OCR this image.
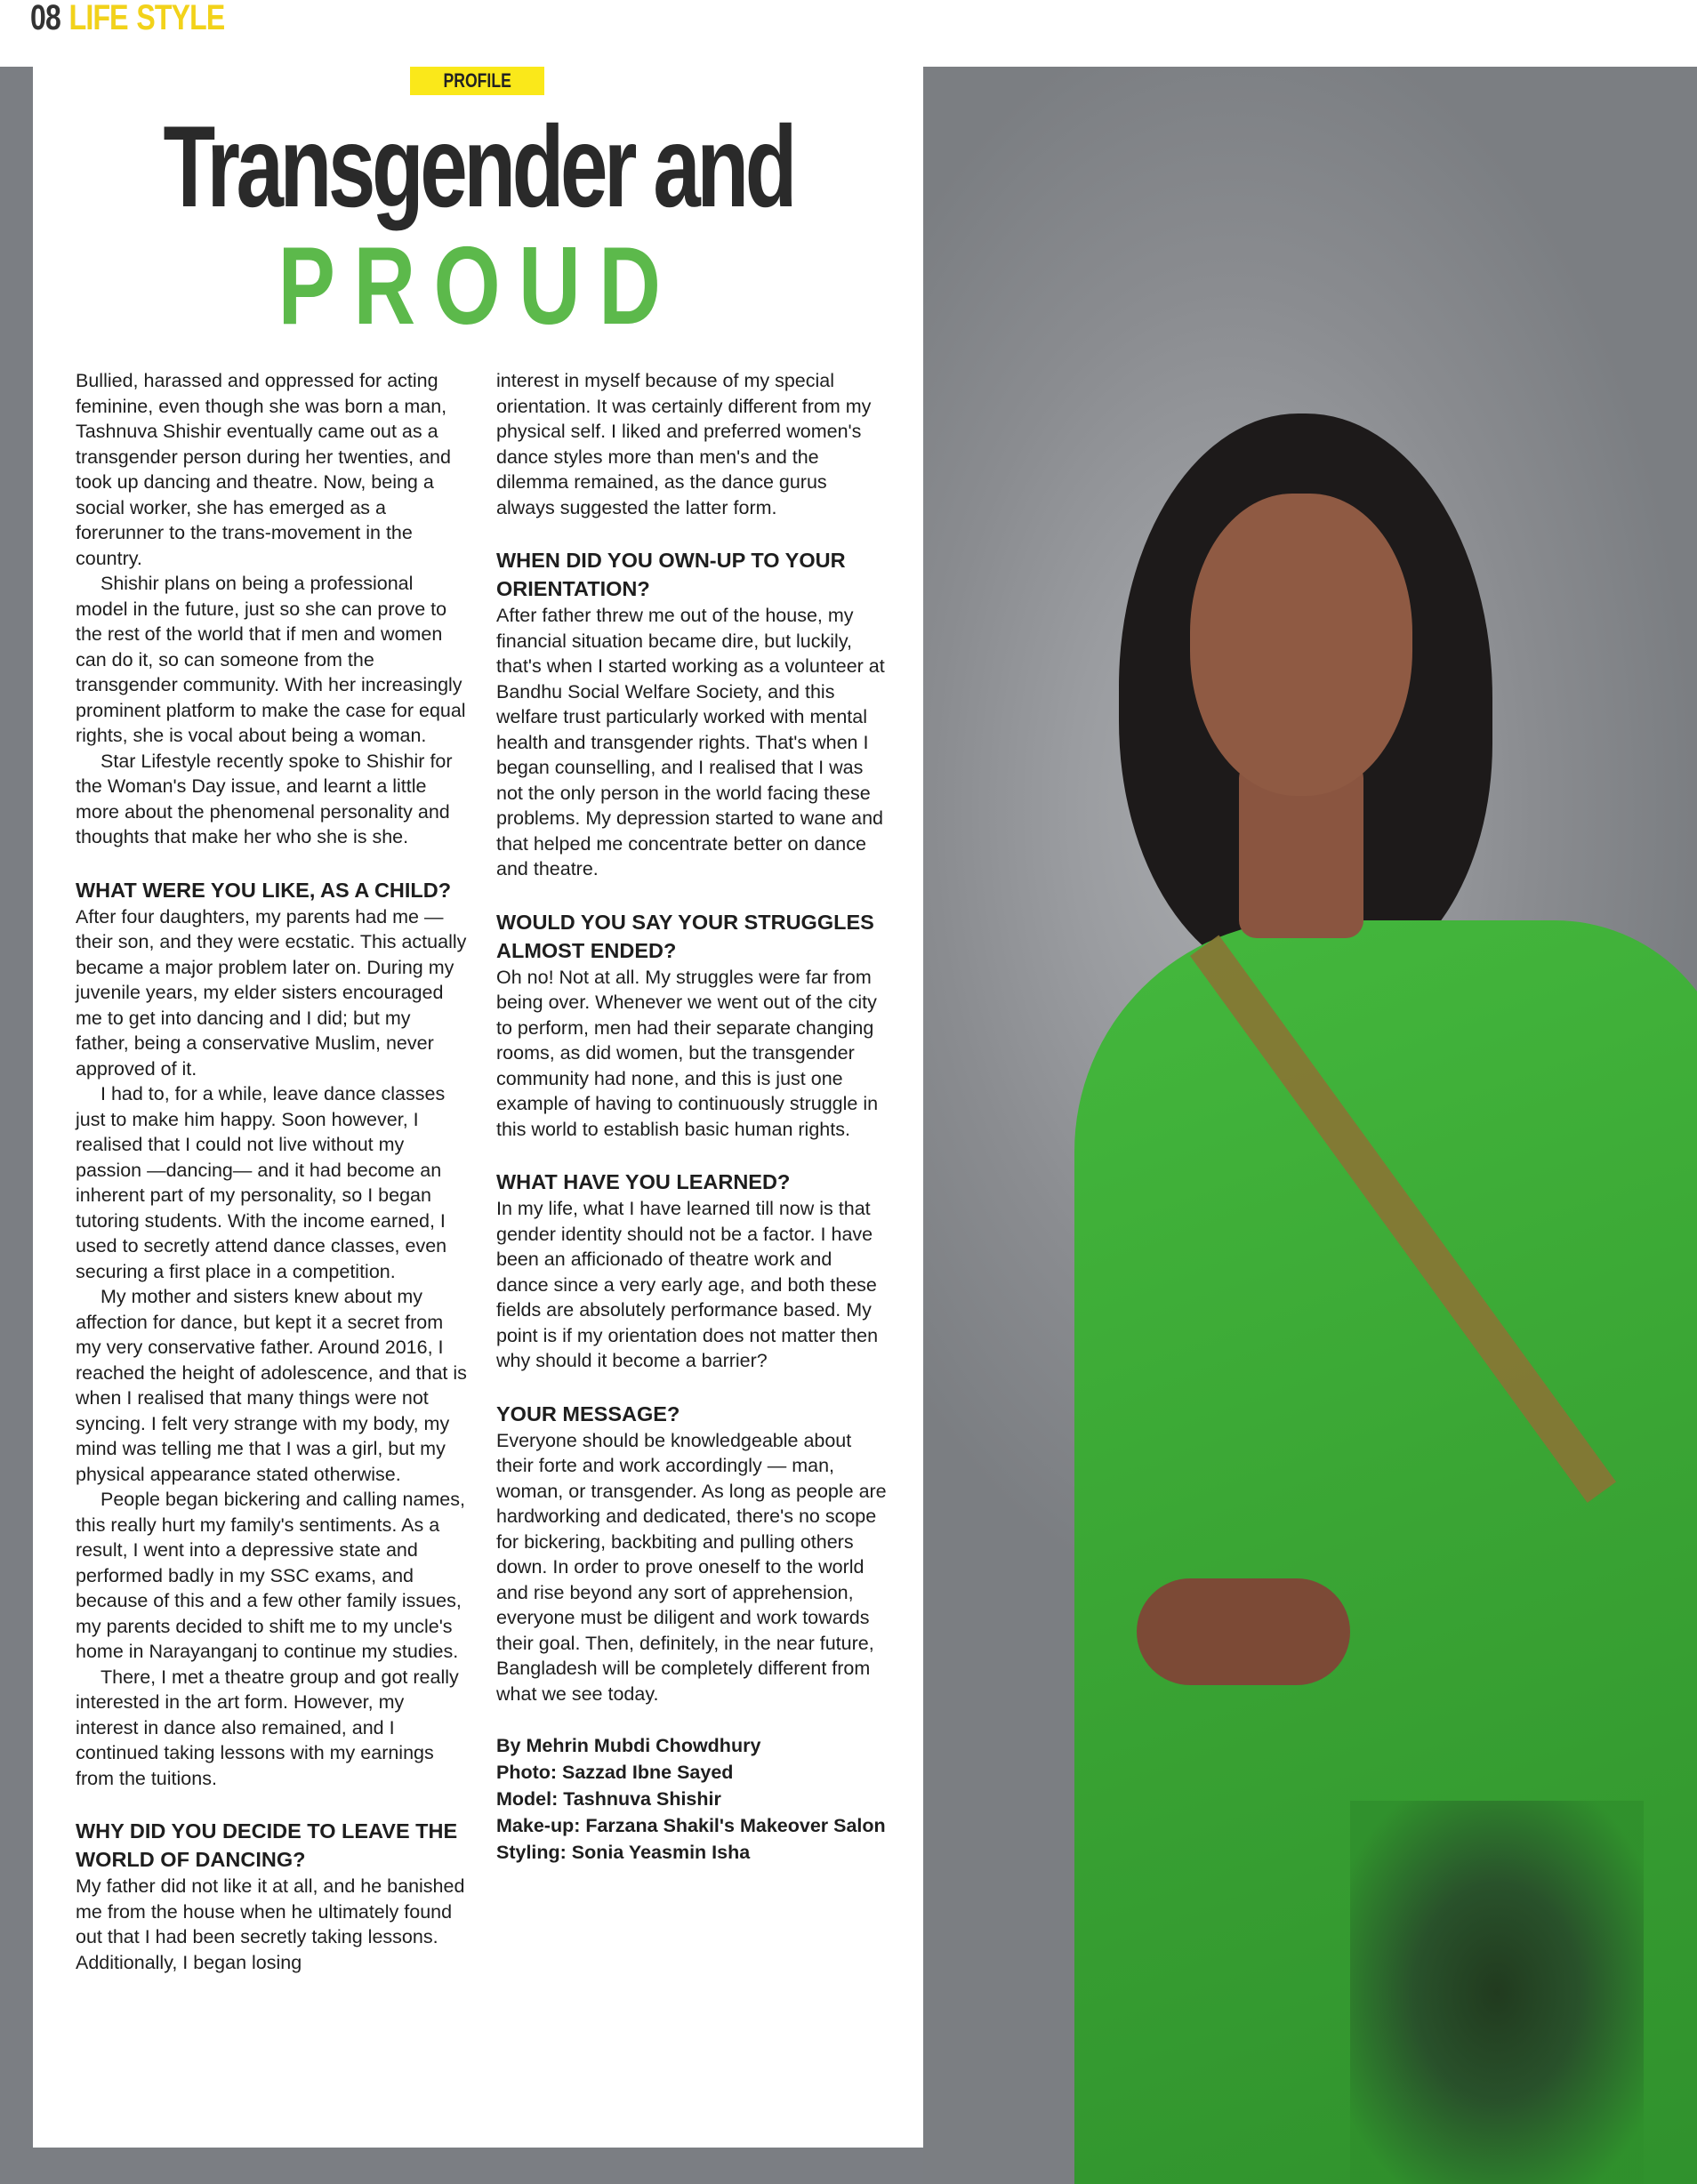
08 LIFE STYLE
PROFILE
Transgender and
PROUD

Bullied, harassed and oppressed for acting feminine, even though she was born a man, Tashnuva Shishir eventually came out as a transgender person during her twenties, and took up dancing and theatre. Now, being a social worker, she has emerged as a forerunner to the trans-movement in the country.

Shishir plans on being a professional model in the future, just so she can prove to the rest of the world that if men and women can do it, so can someone from the transgender community. With her increasingly prominent platform to make the case for equal rights, she is vocal about being a woman.

Star Lifestyle recently spoke to Shishir for the Woman's Day issue, and learnt a little more about the phenomenal personality and thoughts that make her who she is she.

WHAT WERE YOU LIKE, AS A CHILD?

After four daughters, my parents had me — their son, and they were ecstatic. This actually became a major problem later on. During my juvenile years, my elder sisters encouraged me to get into dancing and I did; but my father, being a conservative Muslim, never approved of it.

I had to, for a while, leave dance classes just to make him happy. Soon however, I realised that I could not live without my passion —dancing— and it had become an inherent part of my personality, so I began tutoring students. With the income earned, I used to secretly attend dance classes, even securing a first place in a competition.

My mother and sisters knew about my affection for dance, but kept it a secret from my very conservative father. Around 2016, I reached the height of adolescence, and that is when I realised that many things were not syncing. I felt very strange with my body, my mind was telling me that I was a girl, but my physical appearance stated otherwise.

People began bickering and calling names, this really hurt my family's sentiments. As a result, I went into a depressive state and performed badly in my SSC exams, and because of this and a few other family issues, my parents decided to shift me to my uncle's home in Narayanganj to continue my studies.

There, I met a theatre group and got really interested in the art form. However, my interest in dance also remained, and I continued taking lessons with my earnings from the tuitions.

WHY DID YOU DECIDE TO LEAVE THE WORLD OF DANCING?

My father did not like it at all, and he banished me from the house when he ultimately found out that I had been secretly taking lessons. Additionally, I began losing

interest in myself because of my special orientation. It was certainly different from my physical self. I liked and preferred women's dance styles more than men's and the dilemma remained, as the dance gurus always suggested the latter form.

WHEN DID YOU OWN-UP TO YOUR ORIENTATION?

After father threw me out of the house, my financial situation became dire, but luckily, that's when I started working as a volunteer at Bandhu Social Welfare Society, and this welfare trust particularly worked with mental health and transgender rights. That's when I began counselling, and I realised that I was not the only person in the world facing these problems. My depression started to wane and that helped me concentrate better on dance and theatre.

WOULD YOU SAY YOUR STRUGGLES ALMOST ENDED?

Oh no! Not at all. My struggles were far from being over. Whenever we went out of the city to perform, men had their separate changing rooms, as did women, but the transgender community had none, and this is just one example of having to continuously struggle in this world to establish basic human rights.

WHAT HAVE YOU LEARNED?

In my life, what I have learned till now is that gender identity should not be a factor. I have been an afficionado of theatre work and dance since a very early age, and both these fields are absolutely performance based. My point is if my orientation does not matter then why should it become a barrier?

YOUR MESSAGE?

Everyone should be knowledgeable about their forte and work accordingly — man, woman, or transgender. As long as people are hardworking and dedicated, there's no scope for bickering, backbiting and pulling others down. In order to prove oneself to the world and rise beyond any sort of apprehension, everyone must be diligent and work towards their goal. Then, definitely, in the near future, Bangladesh will be completely different from what we see today.

By Mehrin Mubdi Chowdhury

Photo: Sazzad Ibne Sayed

Model: Tashnuva Shishir

Make-up: Farzana Shakil's Makeover Salon

Styling: Sonia Yeasmin Isha
